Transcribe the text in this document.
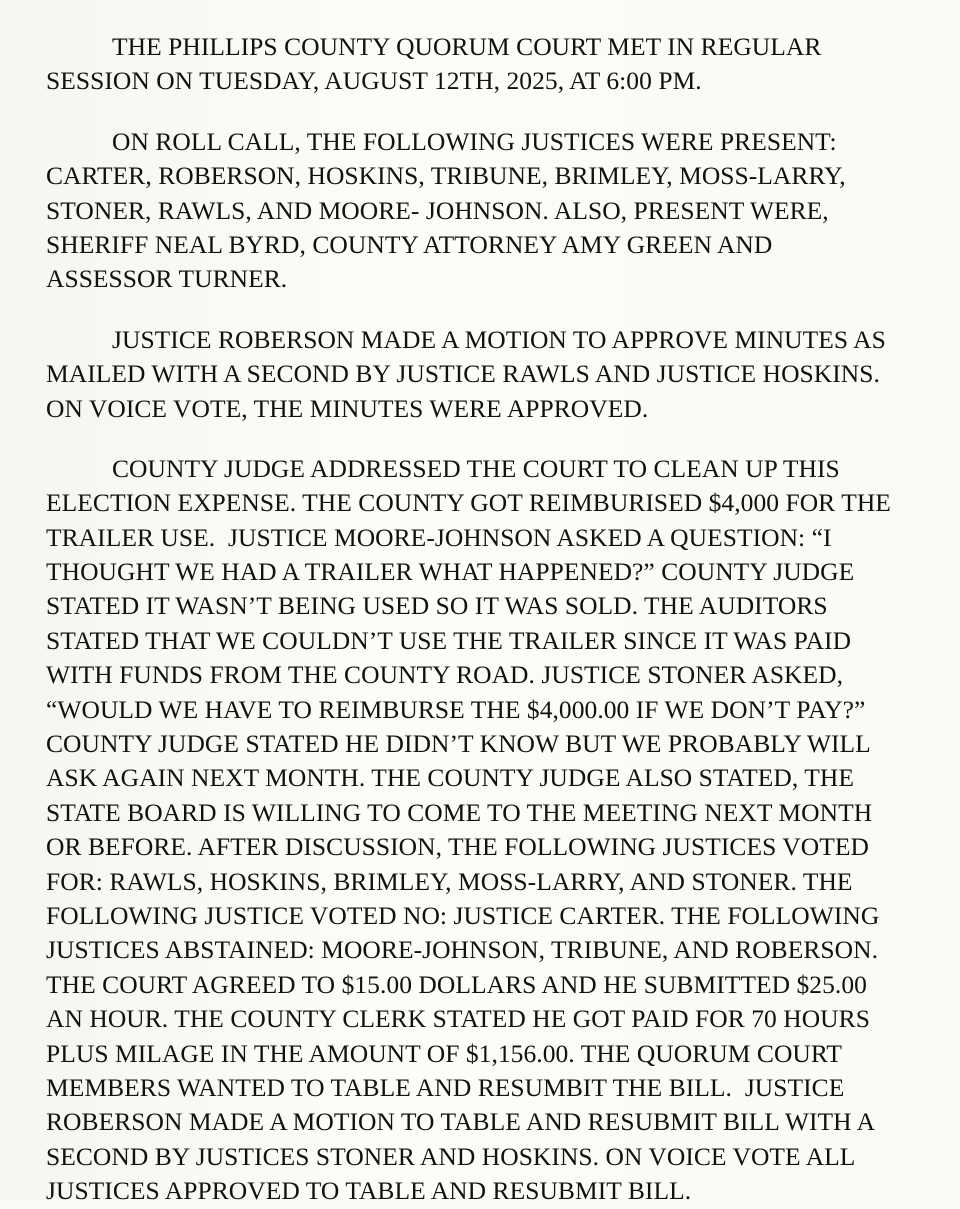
THE PHILLIPS COUNTY QUORUM COURT MET IN REGULAR
SESSION ON TUESDAY, AUGUST 12TH, 2025, AT 6:00 PM.
ON ROLL CALL, THE FOLLOWING JUSTICES WERE PRESENT:
CARTER, ROBERSON, HOSKINS, TRIBUNE, BRIMLEY, MOSS-LARRY,
STONER, RAWLS, AND MOORE- JOHNSON. ALSO, PRESENT WERE,
SHERIFF NEAL BYRD, COUNTY ATTORNEY AMY GREEN AND
ASSESSOR TURNER.
JUSTICE ROBERSON MADE A MOTION TO APPROVE MINUTES AS
MAILED WITH A SECOND BY JUSTICE RAWLS AND JUSTICE HOSKINS.
ON VOICE VOTE, THE MINUTES WERE APPROVED.
COUNTY JUDGE ADDRESSED THE COURT TO CLEAN UP THIS
ELECTION EXPENSE. THE COUNTY GOT REIMBURISED $4,000 FOR THE
TRAILER USE.  JUSTICE MOORE-JOHNSON ASKED A QUESTION: “I
THOUGHT WE HAD A TRAILER WHAT HAPPENED?” COUNTY JUDGE
STATED IT WASN’T BEING USED SO IT WAS SOLD. THE AUDITORS
STATED THAT WE COULDN’T USE THE TRAILER SINCE IT WAS PAID
WITH FUNDS FROM THE COUNTY ROAD. JUSTICE STONER ASKED,
“WOULD WE HAVE TO REIMBURSE THE $4,000.00 IF WE DON’T PAY?”
COUNTY JUDGE STATED HE DIDN’T KNOW BUT WE PROBABLY WILL
ASK AGAIN NEXT MONTH. THE COUNTY JUDGE ALSO STATED, THE
STATE BOARD IS WILLING TO COME TO THE MEETING NEXT MONTH
OR BEFORE. AFTER DISCUSSION, THE FOLLOWING JUSTICES VOTED
FOR: RAWLS, HOSKINS, BRIMLEY, MOSS-LARRY, AND STONER. THE
FOLLOWING JUSTICE VOTED NO: JUSTICE CARTER. THE FOLLOWING
JUSTICES ABSTAINED: MOORE-JOHNSON, TRIBUNE, AND ROBERSON.
THE COURT AGREED TO $15.00 DOLLARS AND HE SUBMITTED $25.00
AN HOUR. THE COUNTY CLERK STATED HE GOT PAID FOR 70 HOURS
PLUS MILAGE IN THE AMOUNT OF $1,156.00. THE QUORUM COURT
MEMBERS WANTED TO TABLE AND RESUMBIT THE BILL.  JUSTICE
ROBERSON MADE A MOTION TO TABLE AND RESUBMIT BILL WITH A
SECOND BY JUSTICES STONER AND HOSKINS. ON VOICE VOTE ALL
JUSTICES APPROVED TO TABLE AND RESUBMIT BILL.
